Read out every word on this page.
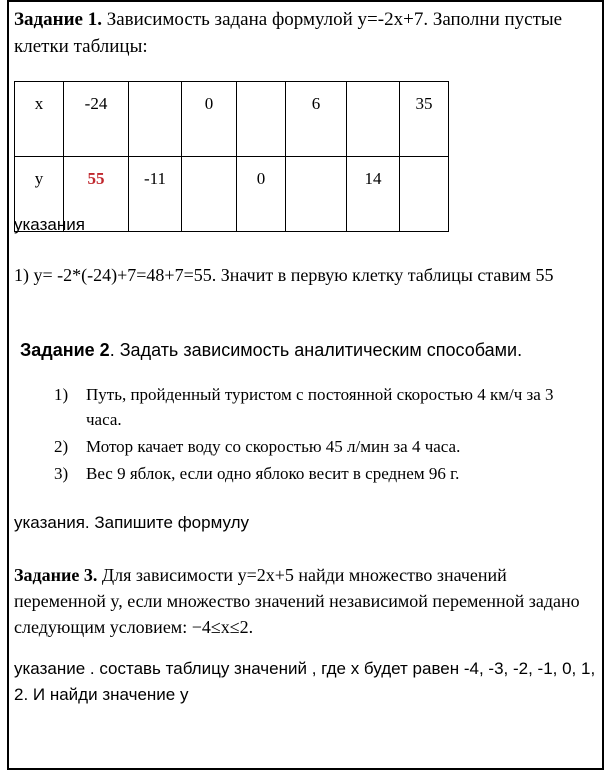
Задание 1. Зависимость задана формулой y=-2x+7. Заполни пустые клетки таблицы:
x	-24		0		6		35
y	55	-11		0		14	
указания
1) y= -2*(-24)+7=48+7=55. Значит в первую клетку таблицы ставим 55
Задание 2. Задать зависимость аналитическим способами.
1) Путь, пройденный туристом с постоянной скоростью 4 км/ч за 3 часа.
2) Мотор качает воду со скоростью 45 л/мин за 4 часа.
3) Вес 9 яблок, если одно яблоко весит в среднем 96 г.
указания. Запишите формулу
Задание 3. Для зависимости y=2x+5 найди множество значений переменной y, если множество значений независимой переменной задано следующим условием: −4≤x≤2.
указание . составь таблицу значений , где x будет равен -4, -3, -2, -1, 0, 1, 2. И найди значение y
